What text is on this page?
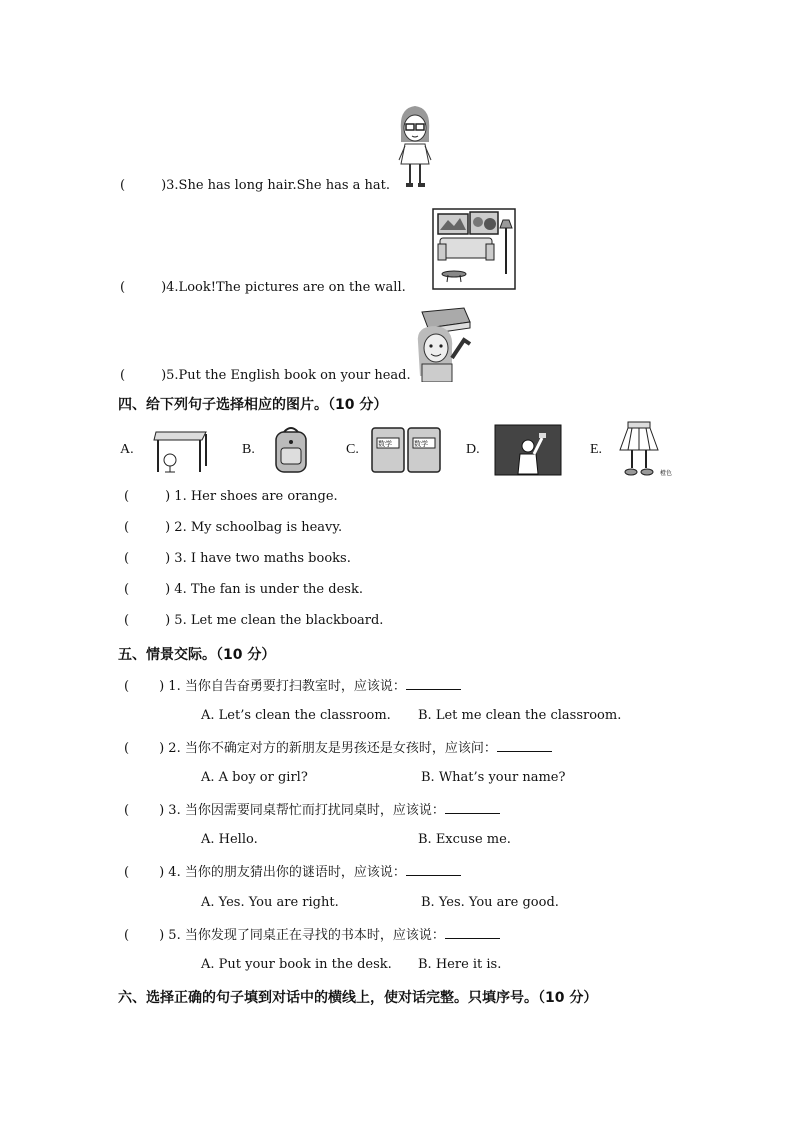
(	)3.She has long hair.She has a hat.
(	)4.Look!The pictures are on the wall.
(	)5.Put the English book on your head.
四、给下列句子选择相应的图片。（10 分）
A.	B.	C.	数学	数学	D.	E.
橙色
(	) 1. Her shoes are orange.
(	) 2. My schoolbag is heavy.
(	) 3. I have two maths books.
(	) 4. The fan is under the desk.
(	) 5. Let me clean the blackboard.
五、情景交际。（10 分）
( ) 1. 当你自告奋勇要打扫教室时，应该说：
A. Let’s clean the classroom. B. Let me clean the classroom.
( ) 2. 当你不确定对方的新朋友是男孩还是女孩时，应该问：
A. A boy or girl?	B. What’s your name?
( ) 3. 当你因需要同桌帮忙而打扰同桌时，应该说：
A. Hello.	B. Excuse me.
( ) 4. 当你的朋友猜出你的谜语时，应该说：
A. Yes. You are right.	B. Yes. You are good.
( ) 5. 当你发现了同桌正在寻找的书本时，应该说：
A. Put your book in the desk. B. Here it is.
六、选择正确的句子填到对话中的横线上，使对话完整。只填序号。（10 分）
